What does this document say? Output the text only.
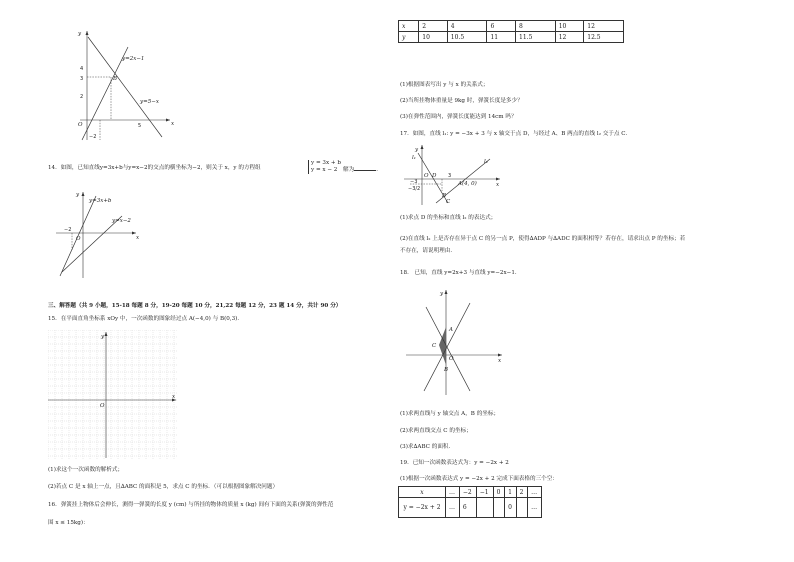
y
x
O
y=2x−1
y=5−x
B
4
3
2
−2
5
14．如图，已知直线y=3x+b与y=x−2的交点的横坐标为−2，则关于 x，y 的方程组
y = 3x + b
y = x − 2	解为	．
y
x
O
y=3x+b
y=x−2
−2
三、解答题（共 9 小题，15-18 每题 8 分，19-20 每题 10 分，21,22 每题 12 分，23 题 14 分，共计 90 分）
15．在平面直角坐标系 xOy 中，一次函数的图象经过点 A(−4,0) 与 B(0,3)．
y
x
O
(1)求这个一次函数的解析式；
(2)若点 C 是 x 轴上一点，且∆ABC 的面积是 5，求点 C 的坐标．（可以根据图象解决问题）
16．弹簧挂上物体后会伸长，测得一弹簧的长度 y (cm) 与所挂的物体的质量 x (kg) 间有下面的关系(弹簧的弹性范
围 x ≤ 15kg)：
x	2	4	6	8	10	12
y	10	10.5	11	11.5	12	12.5
(1)根据图表写出 y 与 x 的关系式；
(2)当所挂物体重量是 9kg 时，弹簧长度是多少？
(3)在弹性范围内，弹簧长度能达到 14cm 吗？
17．如图，直线 l₁: y = −3x + 3 与 x 轴交于点 D，与经过 A、B 两点的直线 l₂ 交于点 C．
y
x
l₁
l₂
O D
A(4, 0)
B
C
3
−3
−3/2
(1)求点 D 的坐标和直线 l₂ 的表达式；
(2)在直线 l₂ 上是否存在异于点 C 的另一点 P，使得∆ADP 与∆ADC 的面积相等？若存在，请求出点 P 的坐标；若
不存在，请说明理由．
18． 已知，直线 y=2x+3 与直线 y=−2x−1．
y
x
A
B
C
O
(1)求两直线与 y 轴交点 A，B 的坐标；
(2)求两直线交点 C 的坐标；
(3)求∆ABC 的面积．
19．已知一次函数表达式为：y = −2x + 2
(1)根据一次函数表达式 y = −2x + 2 完成下面表格的三个空：
x	…	−2	−1	0	1	2	…
y = −2x + 2	…	6			0		…
